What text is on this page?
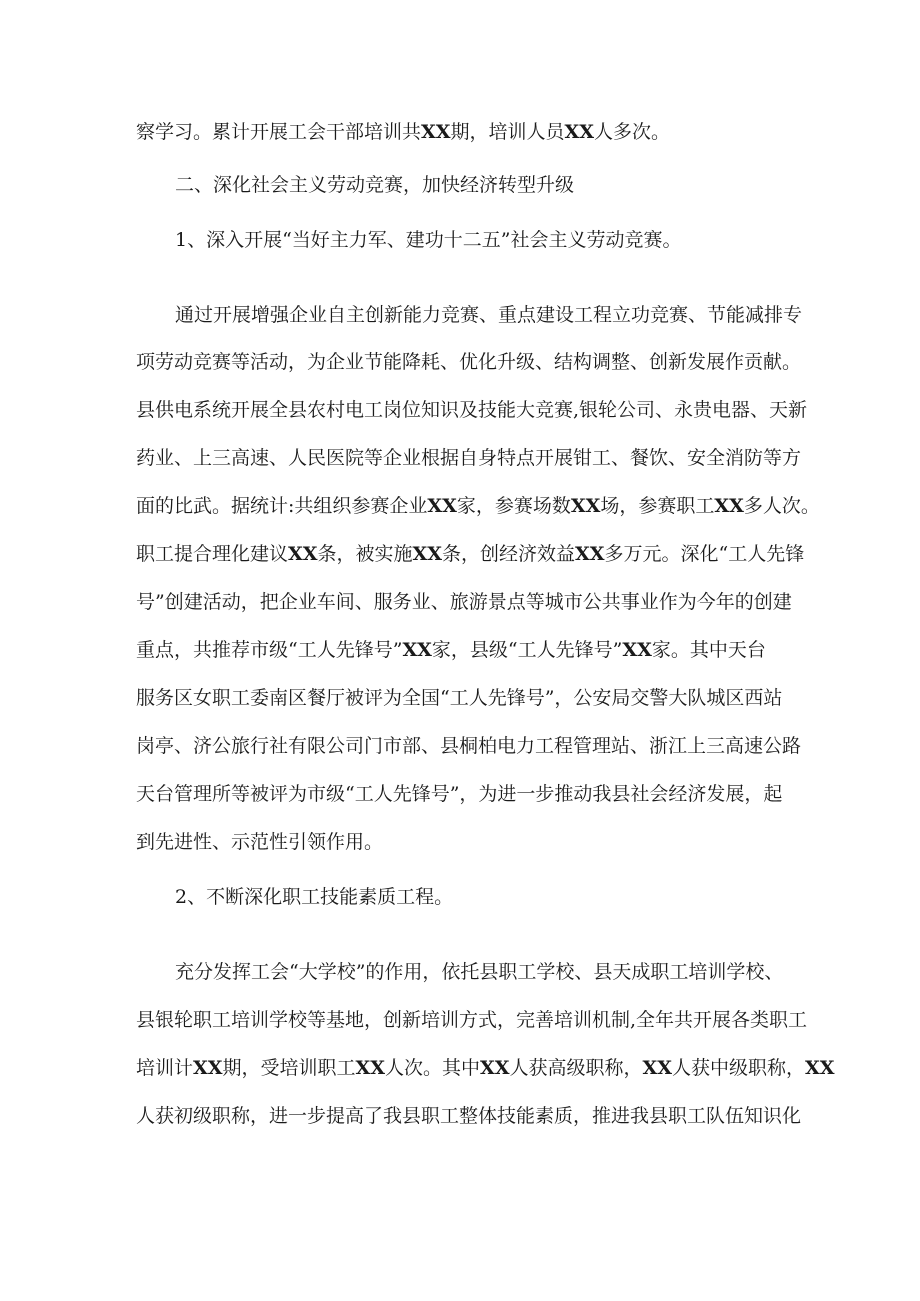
察学习。累计开展工会干部培训共XX期，培训人员XX人多次。
二、深化社会主义劳动竞赛，加快经济转型升级
1、深入开展“当好主力军、建功十二五”社会主义劳动竞赛。
通过开展增强企业自主创新能力竞赛、重点建设工程立功竞赛、节能减排专
项劳动竞赛等活动，为企业节能降耗、优化升级、结构调整、创新发展作贡献。
县供电系统开展全县农村电工岗位知识及技能大竞赛,银轮公司、永贵电器、天新
药业、上三高速、人民医院等企业根据自身特点开展钳工、餐饮、安全消防等方
面的比武。据统计:共组织参赛企业XX家，参赛场数XX场，参赛职工XX多人次。
职工提合理化建议XX条，被实施XX条，创经济效益XX多万元。深化“工人先锋
号”创建活动，把企业车间、服务业、旅游景点等城市公共事业作为今年的创建
重点，共推荐市级“工人先锋号”XX家，县级“工人先锋号”XX家。其中天台
服务区女职工委南区餐厅被评为全国“工人先锋号”，公安局交警大队城区西站
岗亭、济公旅行社有限公司门市部、县桐柏电力工程管理站、浙江上三高速公路
天台管理所等被评为市级“工人先锋号”，为进一步推动我县社会经济发展，起
到先进性、示范性引领作用。
2、不断深化职工技能素质工程。
充分发挥工会“大学校”的作用，依托县职工学校、县天成职工培训学校、
县银轮职工培训学校等基地，创新培训方式，完善培训机制,全年共开展各类职工
培训计XX期，受培训职工XX人次。其中XX人获高级职称，XX人获中级职称，XX
人获初级职称，进一步提高了我县职工整体技能素质，推进我县职工队伍知识化
